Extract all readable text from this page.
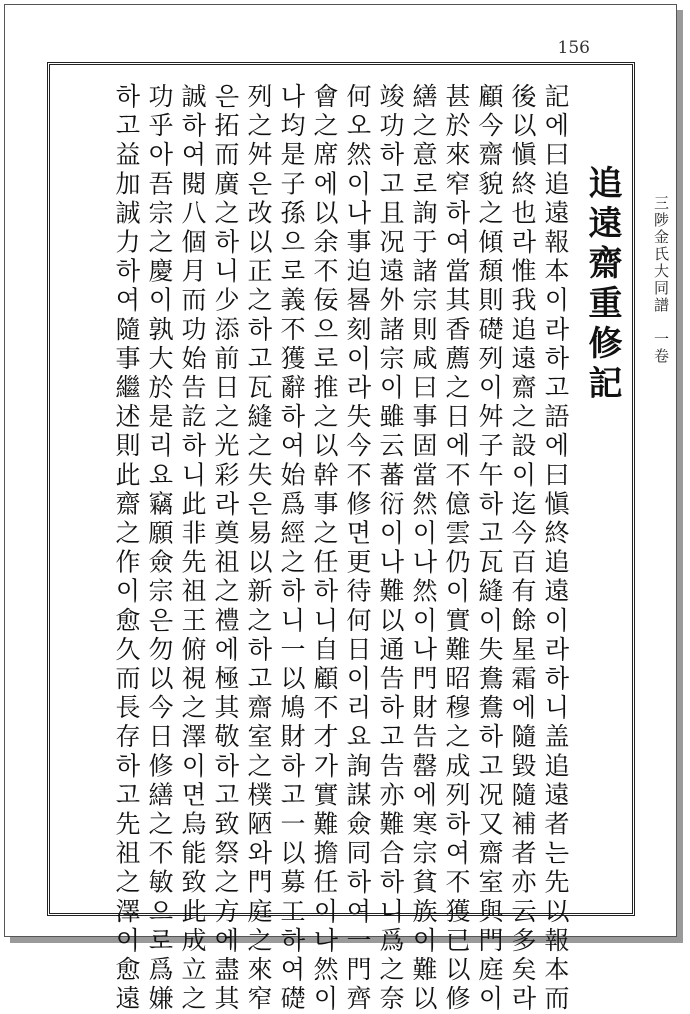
156
三陟金氏大同譜　一卷
記에曰追遠報本이라하고語에曰愼終追遠이라하니盖追遠者는先以報本而
後以愼終也라惟我追遠齋之設이迄今百有餘星霜에隨毀隨補者亦云多矣라
顧今齋貌之傾頹則礎列이舛子午하고瓦縫이失鴦鴦하고况又齋室與門庭이
甚於來窄하여當其香薦之日에不億雲仍이實難昭穆之成列하여不獲已以修
繕之意로詢于諸宗則咸曰事固當然이나然이나門財告罄에寒宗貧族이難以
竣功하고且况遠外諸宗이雖云蕃衍이나難以通告하고告亦難合하니爲之奈
何오然이나事迫晷刻이라失今不修면更待何日이리요詢謀僉同하여一門齊
會之席에以余不佞으로推之以幹事之任하니自顧不才가實難擔任이나然이
나均是子孫으로義不獲辭하여始爲經之하니一以鳩財하고一以募工하여礎
列之舛은改以正之하고瓦縫之失은易以新之하고齋室之樸陋와門庭之來窄
은拓而廣之하니少添前日之光彩라奠祖之禮에極其敬하고致祭之方에盡其
誠하여閱八個月而功始告訖하니此非先祖王俯視之澤이면烏能致此成立之
功乎아吾宗之慶이孰大於是리요竊願僉宗은勿以今日修繕之不敏으로爲嫌
하고益加誠力하여隨事繼述則此齋之作이愈久而長存하고先祖之澤이愈遠	追遠齋重修記
